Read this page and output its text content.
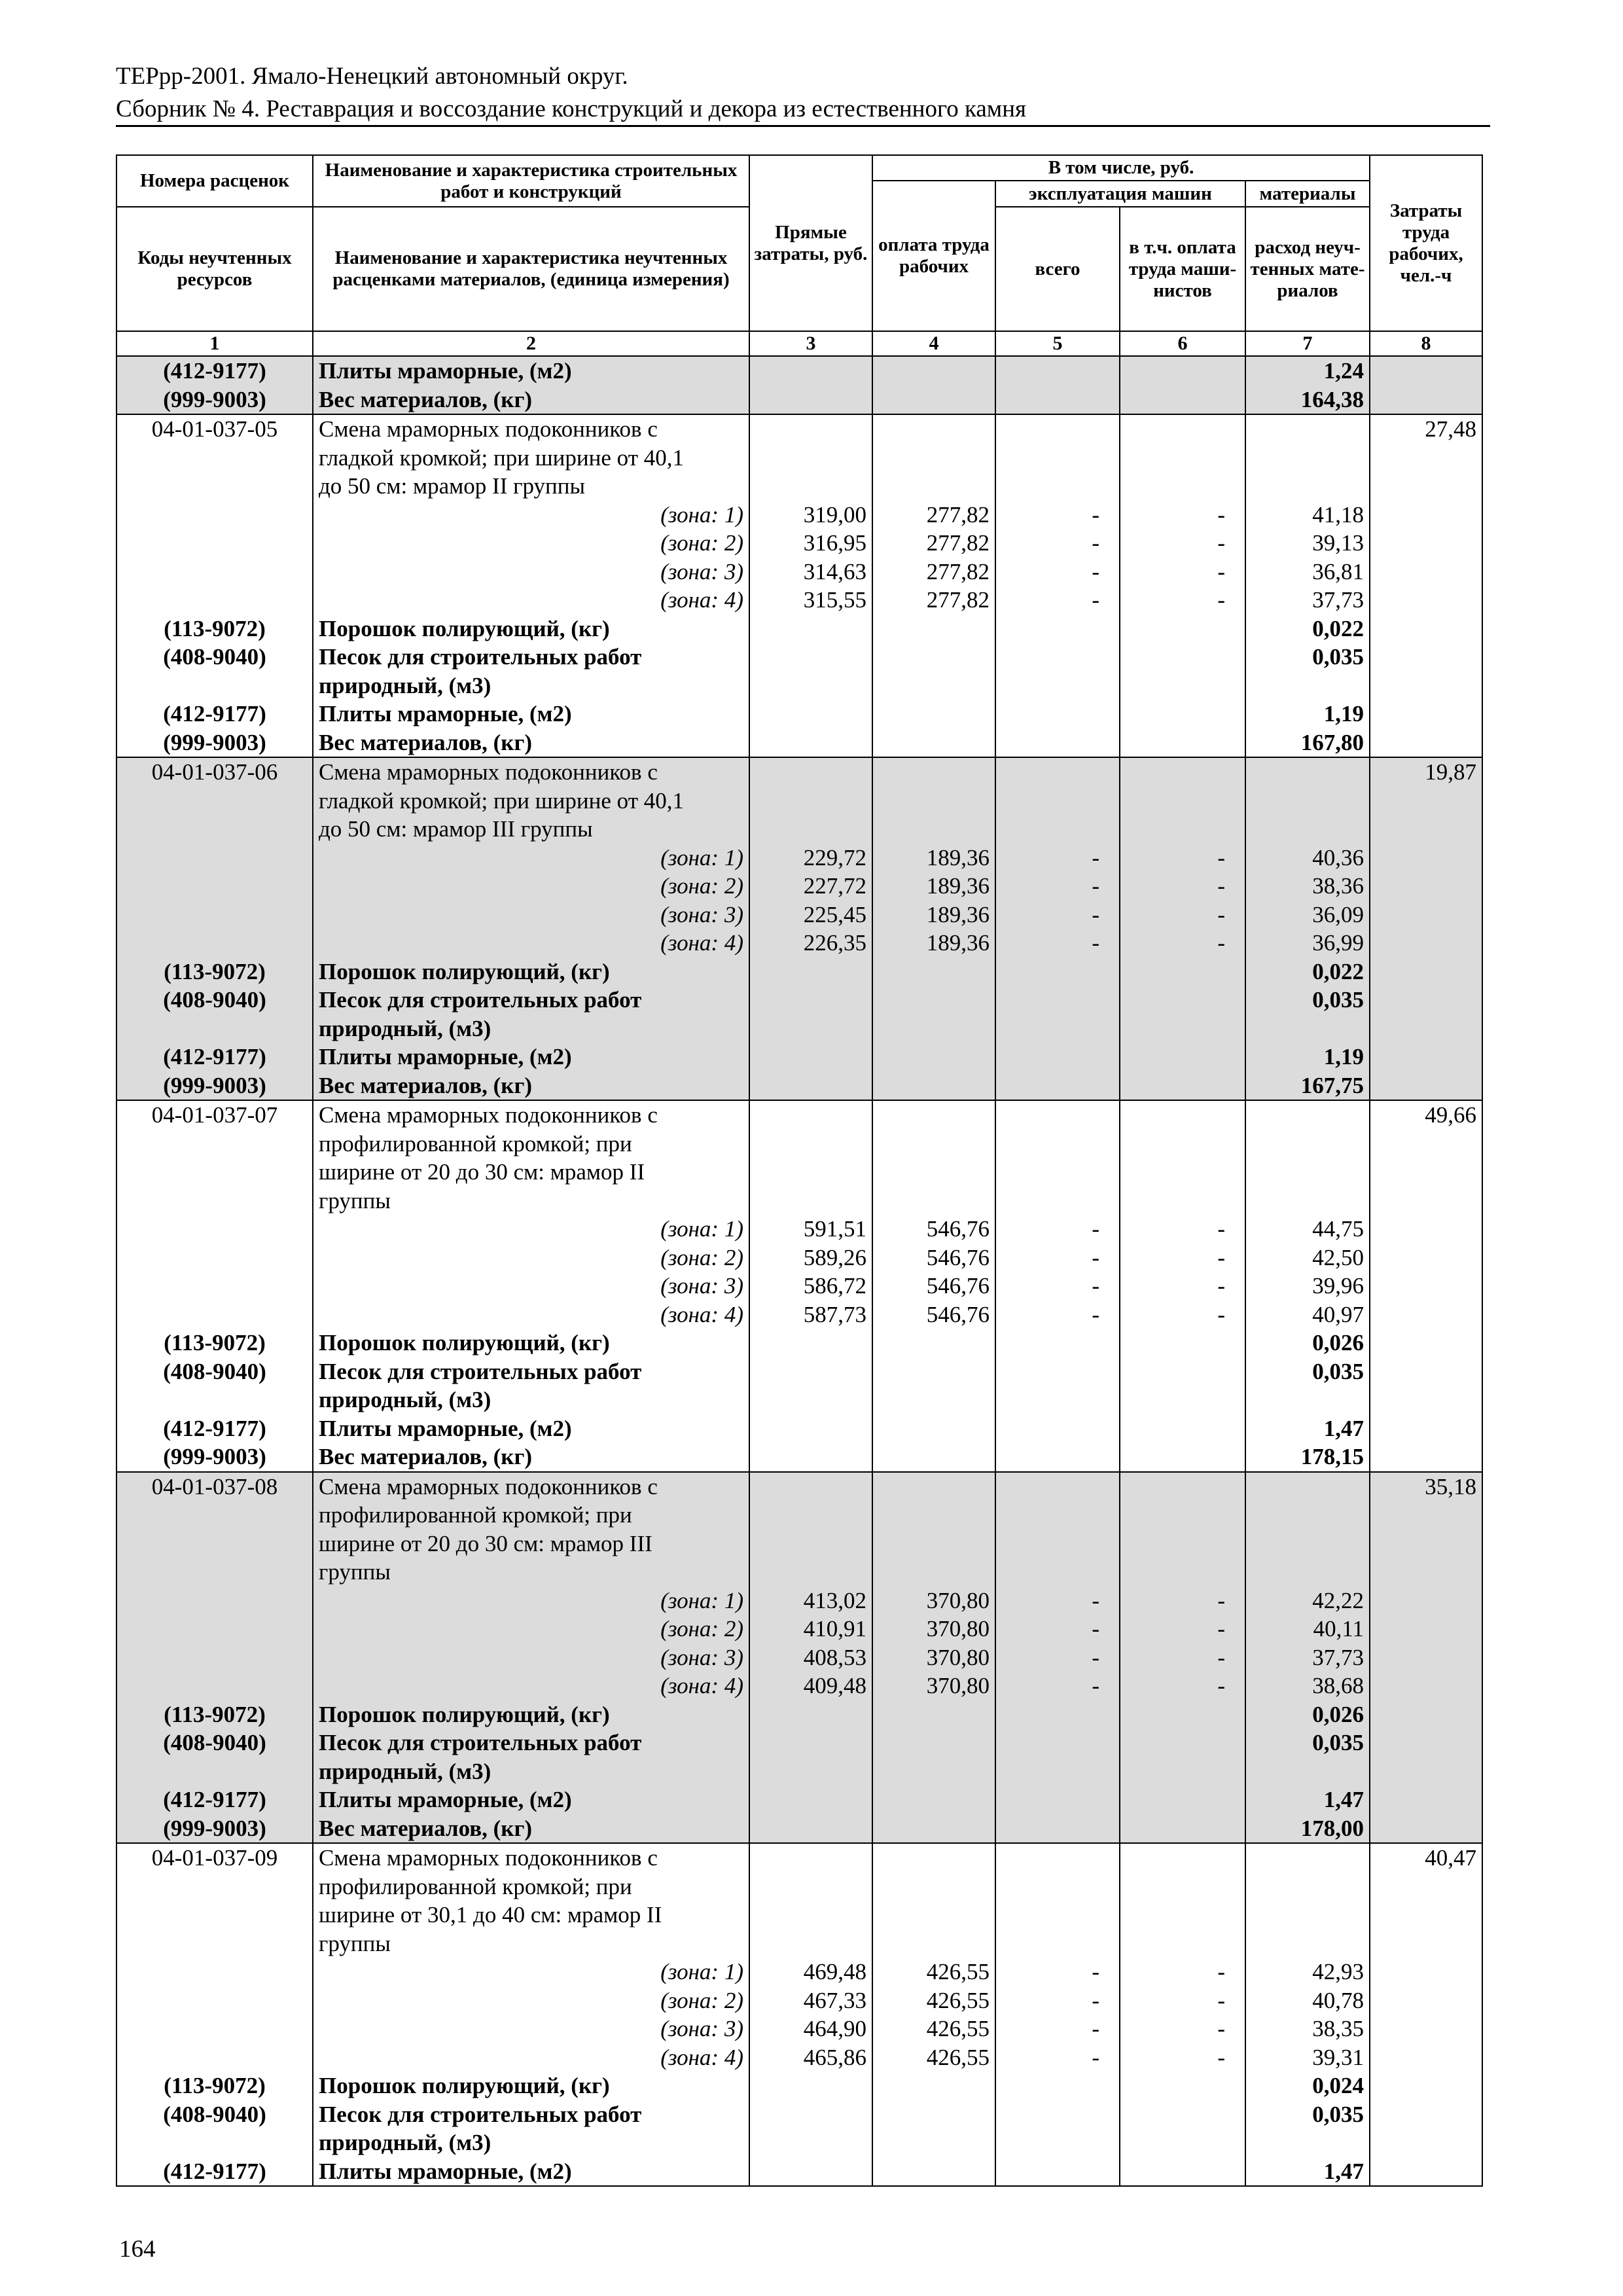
ТЕРрр-2001. Ямало-Ненецкий автономный округ.
Сборник № 4. Реставрация и воссоздание конструкций и декора из естественного камня
Номера расценок	Наименование и характеристика строительных работ и конструкций	Прямые затраты, руб.	В том числе, руб.				Затраты труда рабочих, чел.-ч
			оплата труда рабочих	эксплуатация машин		материалы	
Коды неучтенных ресурсов	Наименование и характеристика неучтенных расценками материалов, (единица измерения)			всего	в т.ч. оплата труда маши-нистов	расход неуч-тенных мате-риалов	

1	2	3	4	5	6	7	8
(412-9177)	Плиты мраморные, (м2)					1,24	
(999-9003)	Вес материалов, (кг)					164,38	
04-01-037-05	Смена мраморных подоконников с						27,48
	гладкой кромкой; при ширине от 40,1						
	до 50 см: мрамор II группы						
	(зона: 1)	319,00	277,82	-	-	41,18	
	(зона: 2)	316,95	277,82	-	-	39,13	
	(зона: 3)	314,63	277,82	-	-	36,81	
	(зона: 4)	315,55	277,82	-	-	37,73	
(113-9072)	Порошок полирующий, (кг)					0,022	
(408-9040)	Песок для строительных работ					0,035	
	природный, (м3)						
(412-9177)	Плиты мраморные, (м2)					1,19	
(999-9003)	Вес материалов, (кг)					167,80	
04-01-037-06	Смена мраморных подоконников с						19,87
	гладкой кромкой; при ширине от 40,1						
	до 50 см: мрамор III группы						
	(зона: 1)	229,72	189,36	-	-	40,36	
	(зона: 2)	227,72	189,36	-	-	38,36	
	(зона: 3)	225,45	189,36	-	-	36,09	
	(зона: 4)	226,35	189,36	-	-	36,99	
(113-9072)	Порошок полирующий, (кг)					0,022	
(408-9040)	Песок для строительных работ					0,035	
	природный, (м3)						
(412-9177)	Плиты мраморные, (м2)					1,19	
(999-9003)	Вес материалов, (кг)					167,75	
04-01-037-07	Смена мраморных подоконников с						49,66
	профилированной кромкой; при						
	ширине от 20 до 30 см: мрамор II						
	группы						
	(зона: 1)	591,51	546,76	-	-	44,75	
	(зона: 2)	589,26	546,76	-	-	42,50	
	(зона: 3)	586,72	546,76	-	-	39,96	
	(зона: 4)	587,73	546,76	-	-	40,97	
(113-9072)	Порошок полирующий, (кг)					0,026	
(408-9040)	Песок для строительных работ					0,035	
	природный, (м3)						
(412-9177)	Плиты мраморные, (м2)					1,47	
(999-9003)	Вес материалов, (кг)					178,15	
04-01-037-08	Смена мраморных подоконников с						35,18
	профилированной кромкой; при						
	ширине от 20 до 30 см: мрамор III						
	группы						
	(зона: 1)	413,02	370,80	-	-	42,22	
	(зона: 2)	410,91	370,80	-	-	40,11	
	(зона: 3)	408,53	370,80	-	-	37,73	
	(зона: 4)	409,48	370,80	-	-	38,68	
(113-9072)	Порошок полирующий, (кг)					0,026	
(408-9040)	Песок для строительных работ					0,035	
	природный, (м3)						
(412-9177)	Плиты мраморные, (м2)					1,47	
(999-9003)	Вес материалов, (кг)					178,00	
04-01-037-09	Смена мраморных подоконников с						40,47
	профилированной кромкой; при						
	ширине от 30,1 до 40 см: мрамор II						
	группы						
	(зона: 1)	469,48	426,55	-	-	42,93	
	(зона: 2)	467,33	426,55	-	-	40,78	
	(зона: 3)	464,90	426,55	-	-	38,35	
	(зона: 4)	465,86	426,55	-	-	39,31	
(113-9072)	Порошок полирующий, (кг)					0,024	
(408-9040)	Песок для строительных работ					0,035	
	природный, (м3)						
(412-9177)	Плиты мраморные, (м2)					1,47	
164
